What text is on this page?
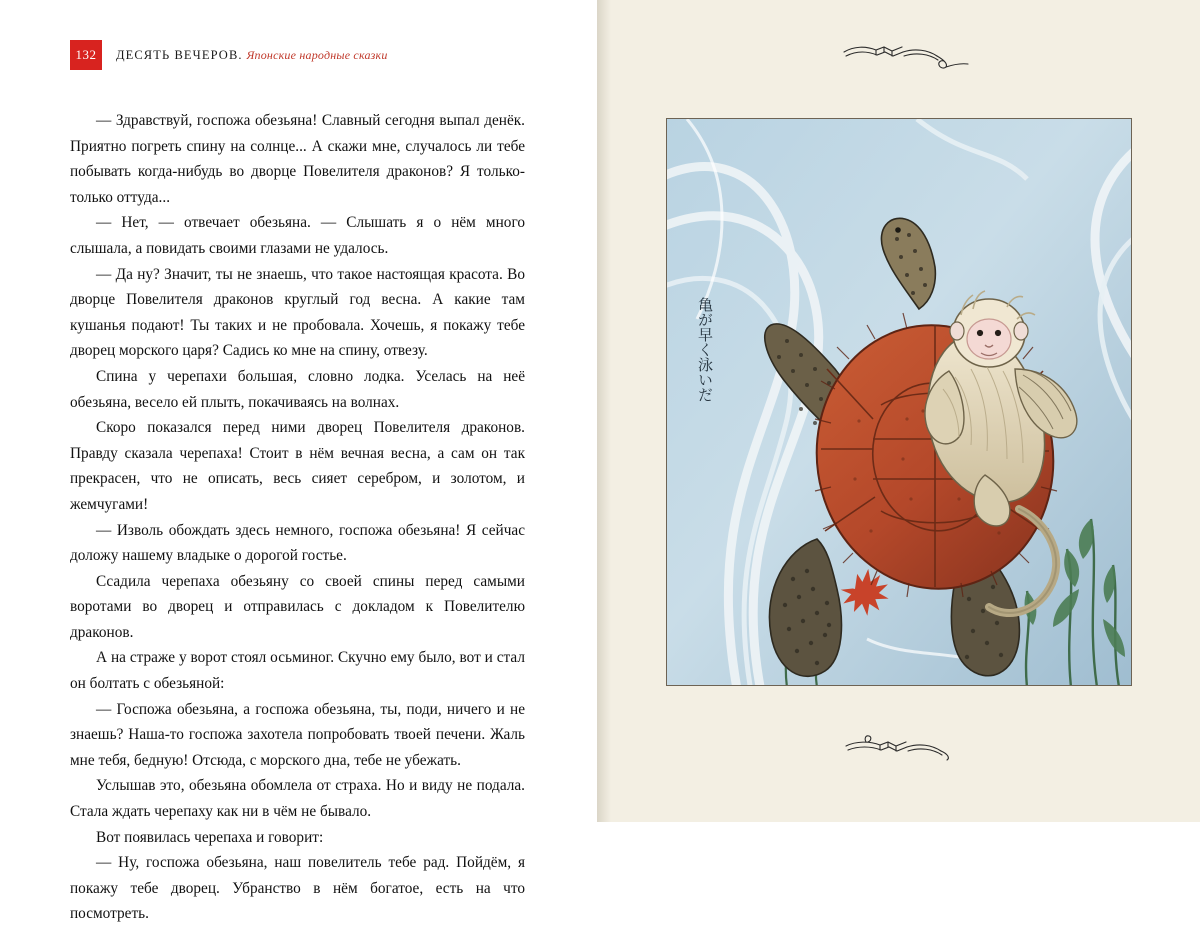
132	ДЕСЯТЬ ВЕЧЕРОВ. Японские народные сказки

— Здравствуй, госпожа обезьяна! Славный сегодня выпал денёк. Приятно погреть спину на солнце... А скажи мне, случалось ли тебе побывать когда-нибудь во дворце Повелителя драконов? Я только-только оттуда...

— Нет, — отвечает обезьяна. — Слышать я о нём много слышала, а повидать своими глазами не удалось.

— Да ну? Значит, ты не знаешь, что такое настоящая красота. Во дворце Повелителя драконов круглый год весна. А какие там кушанья подают! Ты таких и не пробовала. Хочешь, я покажу тебе дворец морского царя? Садись ко мне на спину, отвезу.

Спина у черепахи большая, словно лодка. Уселась на неё обезьяна, весело ей плыть, покачиваясь на волнах.

Скоро показался перед ними дворец Повелителя драконов. Правду сказала черепаха! Стоит в нём вечная весна, а сам он так прекрасен, что не описать, весь сияет серебром, и золотом, и жемчугами!

— Изволь обождать здесь немного, госпожа обезьяна! Я сейчас доложу нашему владыке о дорогой гостье.

Ссадила черепаха обезьяну со своей спины перед самыми воротами во дворец и отправилась с докладом к Повелителю драконов.

А на страже у ворот стоял осьминог. Скучно ему было, вот и стал он болтать с обезьяной:

— Госпожа обезьяна, а госпожа обезьяна, ты, поди, ничего и не знаешь? Наша-то госпожа захотела попробовать твоей печени. Жаль мне тебя, бедную! Отсюда, с морского дна, тебе не убежать.

Услышав это, обезьяна обомлела от страха. Но и виду не подала. Стала ждать черепаху как ни в чём не бывало.

Вот появилась черепаха и говорит:

— Ну, госпожа обезьяна, наш повелитель тебе рад. Пойдём, я покажу тебе дворец. Убранство в нём богатое, есть на что посмотреть.

亀が早く泳いだ
